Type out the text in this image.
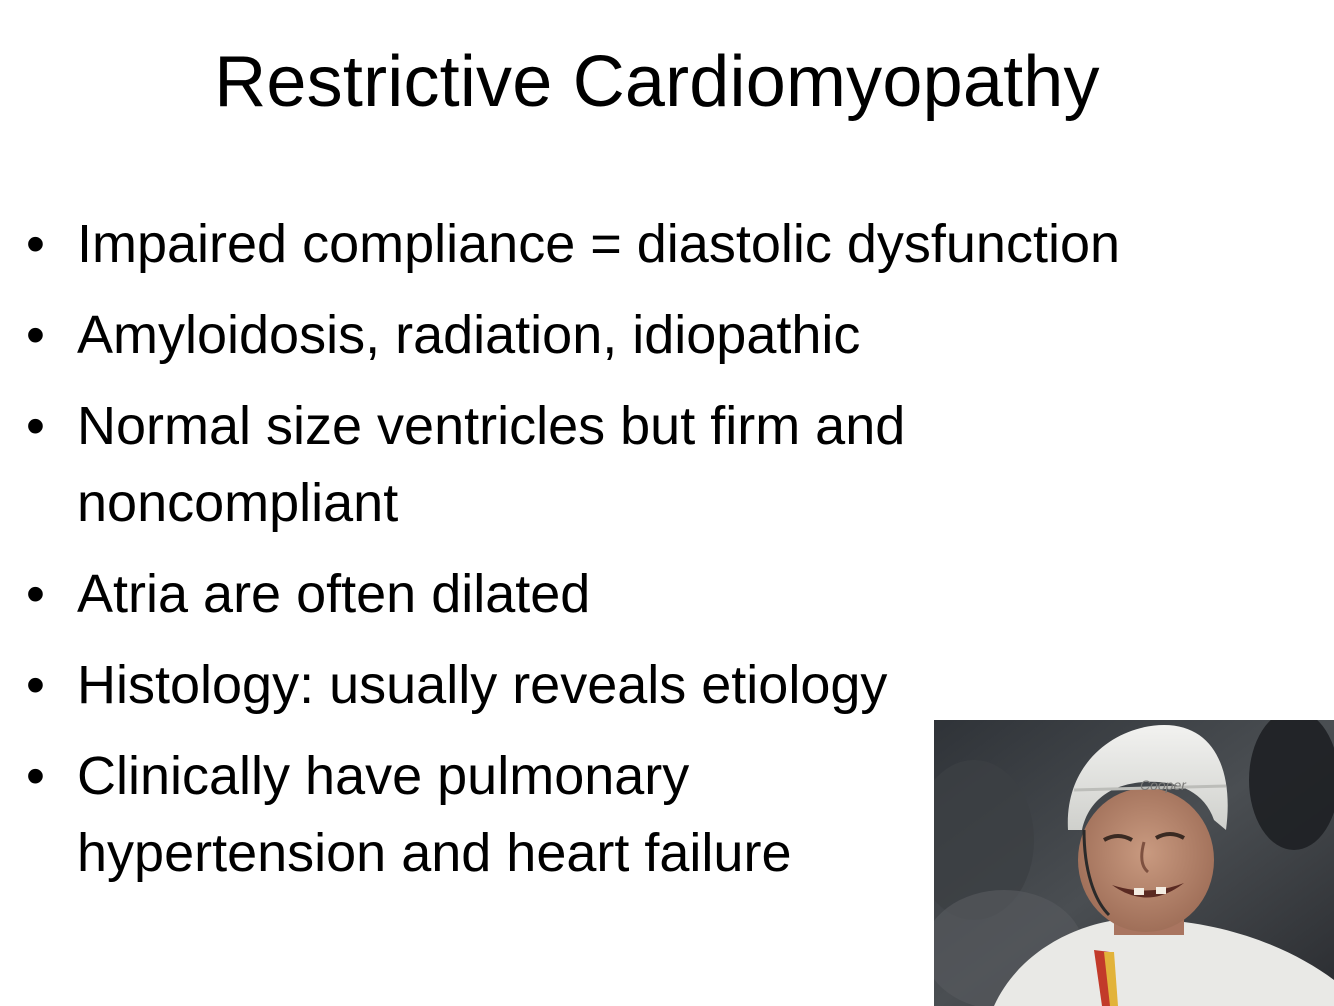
Restrictive Cardiomyopathy
• Impaired compliance = diastolic dysfunction
• Amyloidosis, radiation, idiopathic
• Normal size ventricles but firm and noncompliant
• Atria are often dilated
• Histology: usually reveals etiology
• Clinically have pulmonary hypertension and heart failure
Cooper
